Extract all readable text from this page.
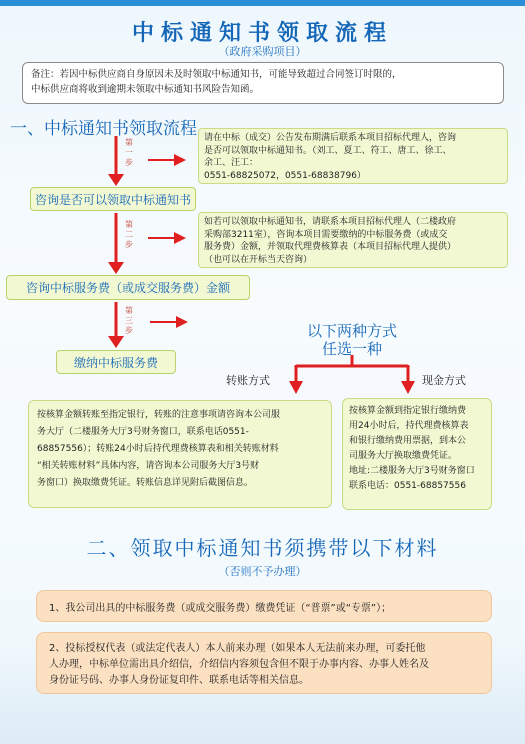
中标通知书领取流程
（政府采购项目）
备注：若因中标供应商自身原因未及时领取中标通知书，可能导致超过合同签订时限的，
中标供应商将收到逾期未领取中标通知书风险告知函。
一、中标通知书领取流程
第一步
第二步
第三步
咨询是否可以领取中标通知书
咨询中标服务费（或成交服务费）金额
缴纳中标服务费
请在中标（成交）公告发布期满后联系本项目招标代理人，咨询
是否可以领取中标通知书。（刘工、夏工、符工、唐工、徐工、
余工、汪工：
0551-68825072，0551-68838796）
如若可以领取中标通知书，请联系本项目招标代理人（二楼政府
采购部3211室），咨询本项目需要缴纳的中标服务费（或成交
服务费）金额，并领取代理费核算表（本项目招标代理人提供）
（也可以在开标当天咨询）
以下两种方式
任选一种
转账方式	现金方式
按核算金额转账至指定银行，转账的注意事项请咨询本公司服
务大厅（二楼服务大厅3号财务窗口，联系电话0551-
68857556）；转账24小时后持代理费核算表和相关转账材料
“相关转账材料”具体内容，请咨询本公司服务大厅3号财
务窗口）换取缴费凭证。转账信息详见附后截图信息。
按核算金额到指定银行缴纳费
用24小时后，持代理费核算表
和银行缴纳费用票据，到本公
司服务大厅换取缴费凭证。
地址:二楼服务大厅3号财务窗口
联系电话：0551-68857556
二、领取中标通知书须携带以下材料
（否则不予办理）
1、我公司出具的中标服务费（或成交服务费）缴费凭证（“普票”或“专票”）；
2、投标授权代表（或法定代表人）本人前来办理（如果本人无法前来办理，可委托他
人办理，中标单位需出具介绍信，介绍信内容须包含但不限于办事内容、办事人姓名及
身份证号码、办事人身份证复印件、联系电话等相关信息。
